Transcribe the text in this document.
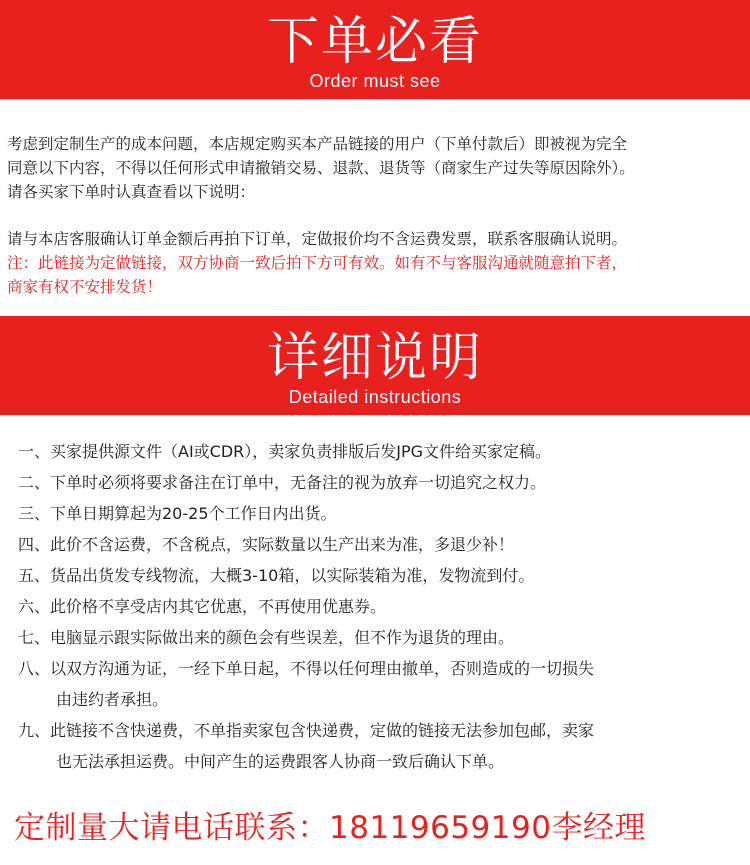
下单必看
Order must see
考虑到定制生产的成本问题，本店规定购买本产品链接的用户（下单付款后）即被视为完全
同意以下内容，不得以任何形式申请撤销交易、退款、退货等（商家生产过失等原因除外）。
请各买家下单时认真查看以下说明：
请与本店客服确认订单金额后再拍下订单，定做报价均不含运费发票，联系客服确认说明。
注：此链接为定做链接，双方协商一致后拍下方可有效。如有不与客服沟通就随意拍下者，
商家有权不安排发货！
详细说明
Detailed instructions
一、买家提供源文件（AI或CDR），卖家负责排版后发JPG文件给买家定稿。
二、下单时必须将要求备注在订单中，无备注的视为放弃一切追究之权力。
三、下单日期算起为20-25个工作日内出货。
四、此价不含运费，不含税点，实际数量以生产出来为准，多退少补！
五、货品出货发专线物流，大概3-10箱，以实际装箱为准，发物流到付。
六、此价格不享受店内其它优惠，不再使用优惠券。
七、电脑显示跟实际做出来的颜色会有些误差，但不作为退货的理由。
八、以双方沟通为证，一经下单日起，不得以任何理由撤单，否则造成的一切损失
由违约者承担。
九、此链接不含快递费，不单指卖家包含快递费，定做的链接无法参加包邮，卖家
也无法承担运费。中间产生的运费跟客人协商一致后确认下单。
定制量大请电话联系：18119659190李经理
